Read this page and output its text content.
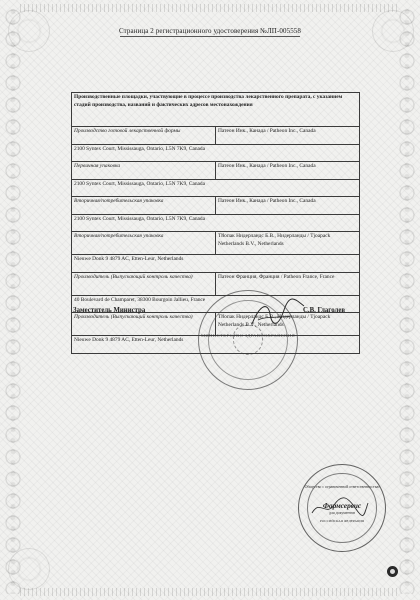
Страница 2 регистрационного удостоверения №ЛП-005558
Производственные площадки, участвующие в процессе производства лекарственного препарата, с указанием стадий производства, названий и фактических адресов местонахождения	
Производство готовой лекарственной формы	Патеон Инк., Канада / Patheon Inc., Canada
2100 Syntex Court, Mississauga, Ontario, L5N 7K9, Canada	
Первичная упаковка	Патеон Инк., Канада / Patheon Inc., Canada
2100 Syntex Court, Mississauga, Ontario, L5N 7K9, Canada	
Вторичная/потребительская упаковка	Патеон Инк., Канада / Patheon Inc., Canada
2100 Syntex Court, Mississauga, Ontario, L5N 7K9, Canada	
Вторичная/потребительская упаковка	Тйопак Нидерландс Б.В., Нидерланды / Tjoapack Netherlands B.V., Netherlands
Nieuwe Donk 9 4879 AC, Etten-Leur, Netherlands	
Производитель (Выпускающий контроль качества)	Патеон Франция, Франция / Patheon France, France
40 Boulevard de Champaret, 38300 Bourgoin Jallieu, France	
Производитель (Выпускающий контроль качества)	Тйопак Нидерландс Б.В., Нидерланды / Tjoapack Netherlands B.V., Netherlands
Nieuwe Donk 9 4879 AC, Etten-Leur, Netherlands	
МИНИСТЕРСТВО ЗДРАВООХРАНЕНИЯ
Заместитель Министра	С.В. Глаголев
Общество с ограниченной ответственностью
Фармсервис
для документов
РОССИЙСКАЯ ФЕДЕРАЦИЯ
